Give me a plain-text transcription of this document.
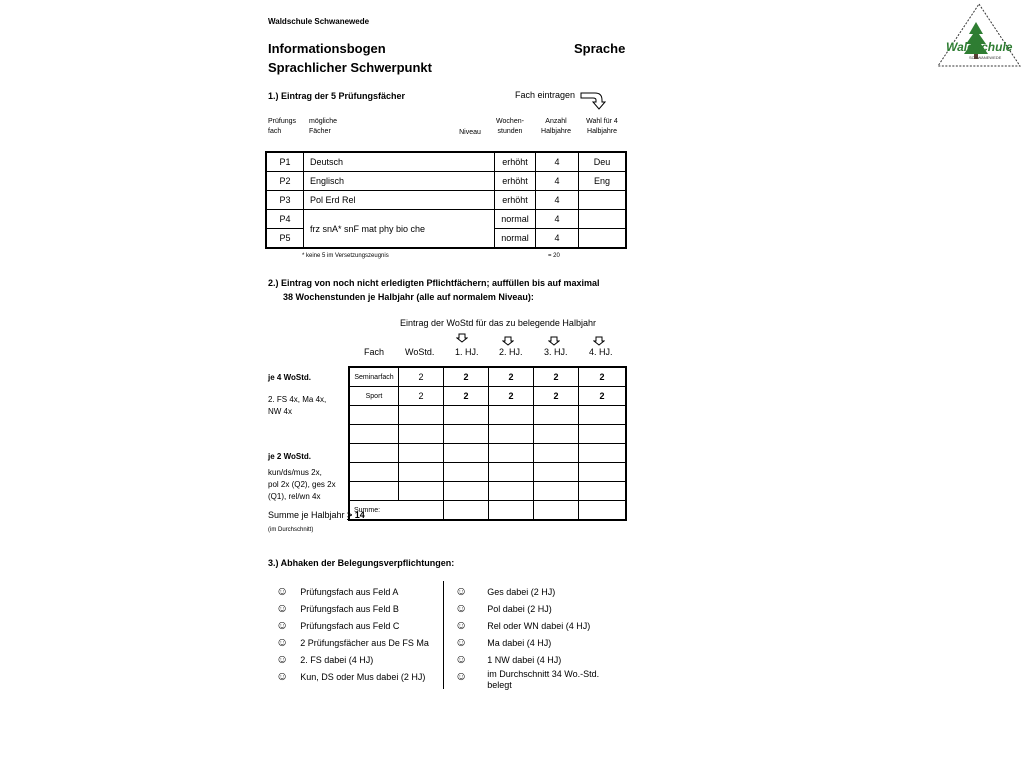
Waldschule Schwanewede
Informationsbogen
Sprachlicher Schwerpunkt
Sprache	Waldschule
SCHWANEWEDE
1.) Eintrag der 5 Prüfungsfächer	Fach eintragen
Prüfungs fach
mögliche Fächer	Niveau
Wochen- stunden
Anzahl Halbjahre
Wahl für 4 Halbjahre
P1	Deutsch	erhöht	4	Deu
P2	Englisch	erhöht	4	Eng
P3	Pol Erd Rel	erhöht	4	
P4	frz snA* snF mat phy bio che	normal	4	
P5		normal	4	
* keine 5 im Versetzungszeugnis	= 20
2.) Eintrag von noch nicht erledigten Pflichtfächern; auffüllen bis auf maximal
38 Wochenstunden je Halbjahr (alle auf normalem Niveau):
Eintrag der WoStd für das zu belegende Halbjahr
Fach WoStd. 1. HJ. 2. HJ. 3. HJ. 4. HJ.
je 4 WoStd.
2. FS 4x, Ma 4x,
NW 4x
je 2 WoStd.
kun/ds/mus 2x,
pol 2x (Q2), ges 2x
(Q1), rel/wn 4x
Summe je Halbjahr > 14
(im Durchschnitt)
Seminarfach	2	2	2	2	2
Sport	2	2	2	2	2

Summe:					
3.) Abhaken der Belegungsverpflichtungen:
☺ Prüfungsfach aus Feld A
☺ Prüfungsfach aus Feld B
☺ Prüfungsfach aus Feld C
☺ 2 Prüfungsfächer aus De FS Ma
☺ 2. FS dabei (4 HJ)
☺ Kun, DS oder Mus dabei (2 HJ)
☺ Ges dabei (2 HJ)
☺ Pol dabei (2 HJ)
☺ Rel oder WN dabei (4 HJ)
☺ Ma dabei (4 HJ)
☺ 1 NW dabei (4 HJ)
☺ im Durchschnitt 34 Wo.-Std. belegt
